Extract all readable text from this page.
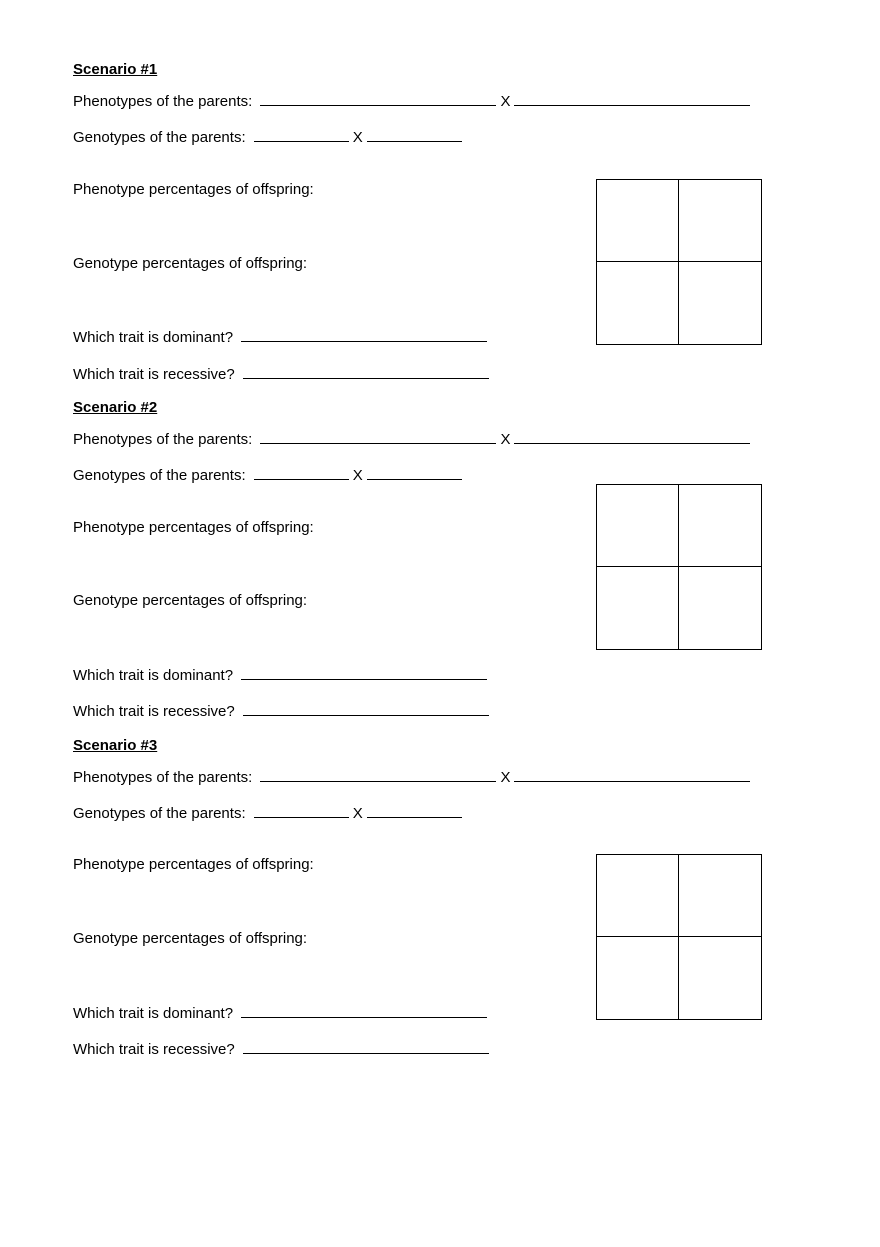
Scenario #1
Phenotypes of the parents:	X
Genotypes of the parents:	X
Phenotype percentages of offspring:
Genotype percentages of offspring:
Which trait is dominant?
Which trait is recessive?
Scenario #2
Phenotypes of the parents:	X
Genotypes of the parents:	X
Phenotype percentages of offspring:
Genotype percentages of offspring:
Which trait is dominant?
Which trait is recessive?
Scenario #3
Phenotypes of the parents:	X
Genotypes of the parents:	X
Phenotype percentages of offspring:
Genotype percentages of offspring:
Which trait is dominant?
Which trait is recessive?
